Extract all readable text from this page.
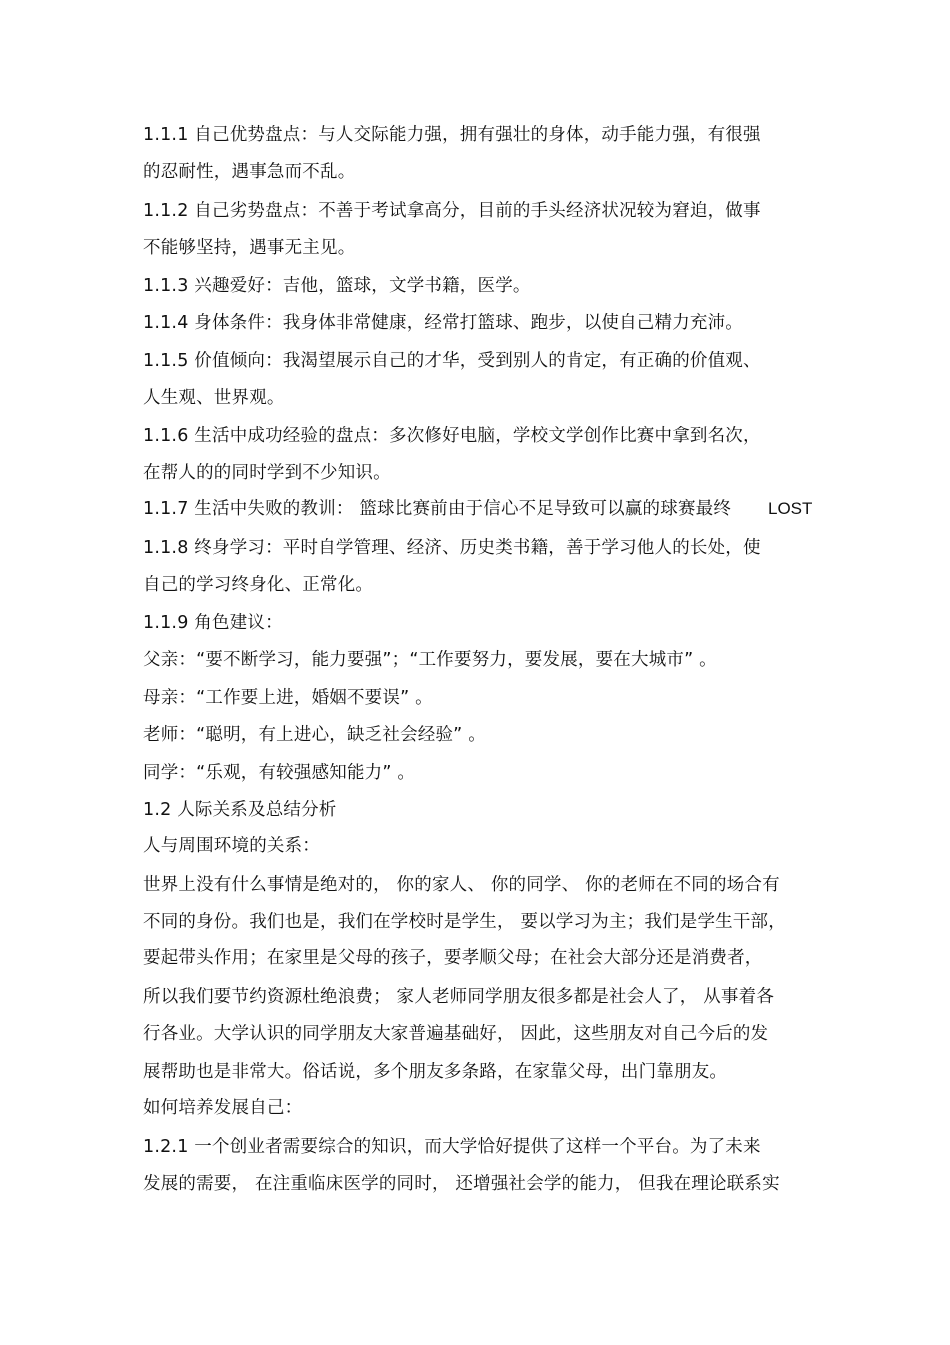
1.1.1 自己优势盘点：与人交际能力强，拥有强壮的身体，动手能力强，有很强
的忍耐性，遇事急而不乱。
1.1.2 自己劣势盘点：不善于考试拿高分，目前的手头经济状况较为窘迫，做事
不能够坚持，遇事无主见。
1.1.3 兴趣爱好：吉他，篮球，文学书籍，医学。
1.1.4 身体条件：我身体非常健康，经常打篮球、跑步，以使自己精力充沛。
1.1.5 价值倾向：我渴望展示自己的才华，受到别人的肯定，有正确的价值观、
人生观、世界观。
1.1.6 生活中成功经验的盘点：多次修好电脑，学校文学创作比赛中拿到名次，
在帮人的的同时学到不少知识。
1.1.7 生活中失败的教训： 篮球比赛前由于信心不足导致可以赢的球赛最终 LOST
1.1.8 终身学习：平时自学管理、经济、历史类书籍，善于学习他人的长处，使
自己的学习终身化、正常化。
1.1.9 角色建议：
父亲：“要不断学习，能力要强”；“工作要努力，要发展，要在大城市” 。
母亲：“工作要上进，婚姻不要误” 。
老师：“聪明，有上进心，缺乏社会经验” 。
同学：“乐观，有较强感知能力” 。
1.2 人际关系及总结分析
人与周围环境的关系：
世界上没有什么事情是绝对的， 你的家人、 你的同学、 你的老师在不同的场合有
不同的身份。我们也是，我们在学校时是学生， 要以学习为主；我们是学生干部，
要起带头作用；在家里是父母的孩子，要孝顺父母；在社会大部分还是消费者，
所以我们要节约资源杜绝浪费； 家人老师同学朋友很多都是社会人了， 从事着各
行各业。大学认识的同学朋友大家普遍基础好， 因此，这些朋友对自己今后的发
展帮助也是非常大。俗话说，多个朋友多条路，在家靠父母，出门靠朋友。
如何培养发展自己：
1.2.1 一个创业者需要综合的知识，而大学恰好提供了这样一个平台。为了未来
发展的需要， 在注重临床医学的同时， 还增强社会学的能力， 但我在理论联系实
